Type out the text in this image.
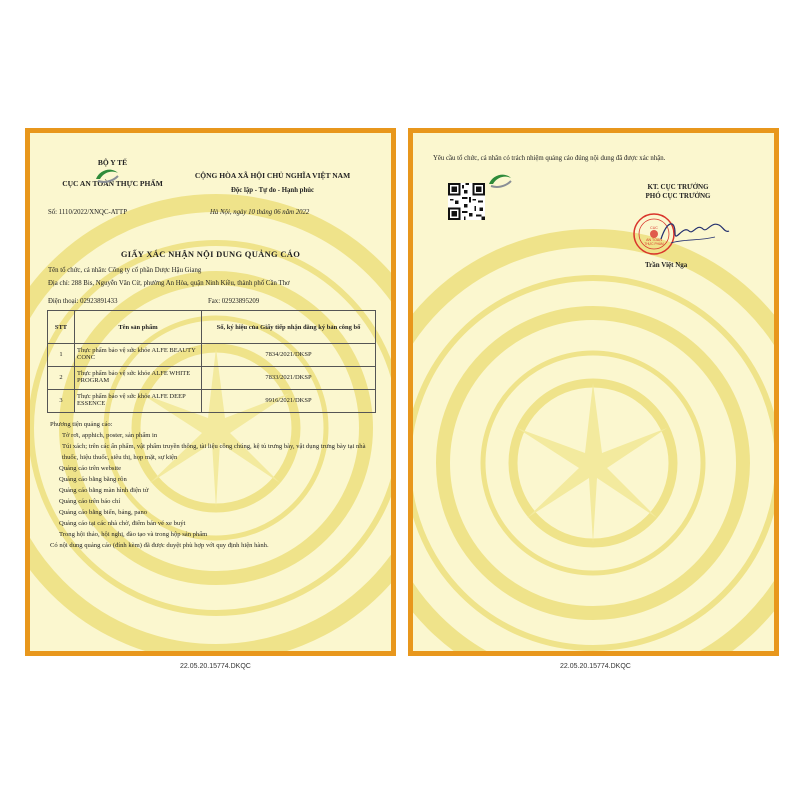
BỘ Y TẾ
CỤC AN TOÀN THỰC PHẨM
CỘNG HÒA XÃ HỘI CHỦ NGHĨA VIỆT NAM
Độc lập - Tự do - Hạnh phúc
Số: 1110/2022/XNQC-ATTP	Hà Nội, ngày 10 tháng 06 năm 2022
GIẤY XÁC NHẬN NỘI DUNG QUẢNG CÁO
Tên tổ chức, cá nhân: Công ty cổ phần Dược Hậu Giang
Địa chỉ: 288 Bis, Nguyễn Văn Cừ, phường An Hòa, quận Ninh Kiều, thành phố Cần Thơ
Điện thoại: 02923891433	Fax: 02923895209
STT	Tên sản phẩm	Số, ký hiệu của Giấy tiếp nhận đăng ký bản công bố
1	Thực phẩm bảo vệ sức khỏe ALFE BEAUTY CONC	7834/2021/DKSP
2	Thực phẩm bảo vệ sức khỏe ALFE WHITE PROGRAM	7833/2021/DKSP
3	Thực phẩm bảo vệ sức khỏe ALFE DEEP ESSENCE	9916/2021/DKSP
Phương tiện quảng cáo:
Tờ rơi, apphich, poster, sản phẩm in
Túi xách; trên các ấn phẩm, vật phẩm truyền thông, tài liệu công chúng, kệ tủ trưng bày, vật dụng trưng bày tại nhà thuốc, hiệu thuốc, siêu thị, họp mặt, sự kiện
Quảng cáo trên website
Quảng cáo bằng băng rôn
Quảng cáo bằng màn hình điện tử
Quảng cáo trên báo chí
Quảng cáo bằng biển, bảng, pano
Quảng cáo tại các nhà chờ, điểm bán vé xe buýt
Trong hội thảo, hội nghị, đào tạo và trong hộp sản phẩm
Có nội dung quảng cáo (đính kèm) đã được duyệt phù hợp với quy định hiện hành.
Yêu cầu tổ chức, cá nhân có trách nhiệm quảng cáo đúng nội dung đã được xác nhận.
KT. CỤC TRƯỞNG
PHÓ CỤC TRƯỞNG
CỤC
AN TOÀN
THỰC PHẨM
Trần Việt Nga
22.05.20.15774.DKQC	22.05.20.15774.DKQC
